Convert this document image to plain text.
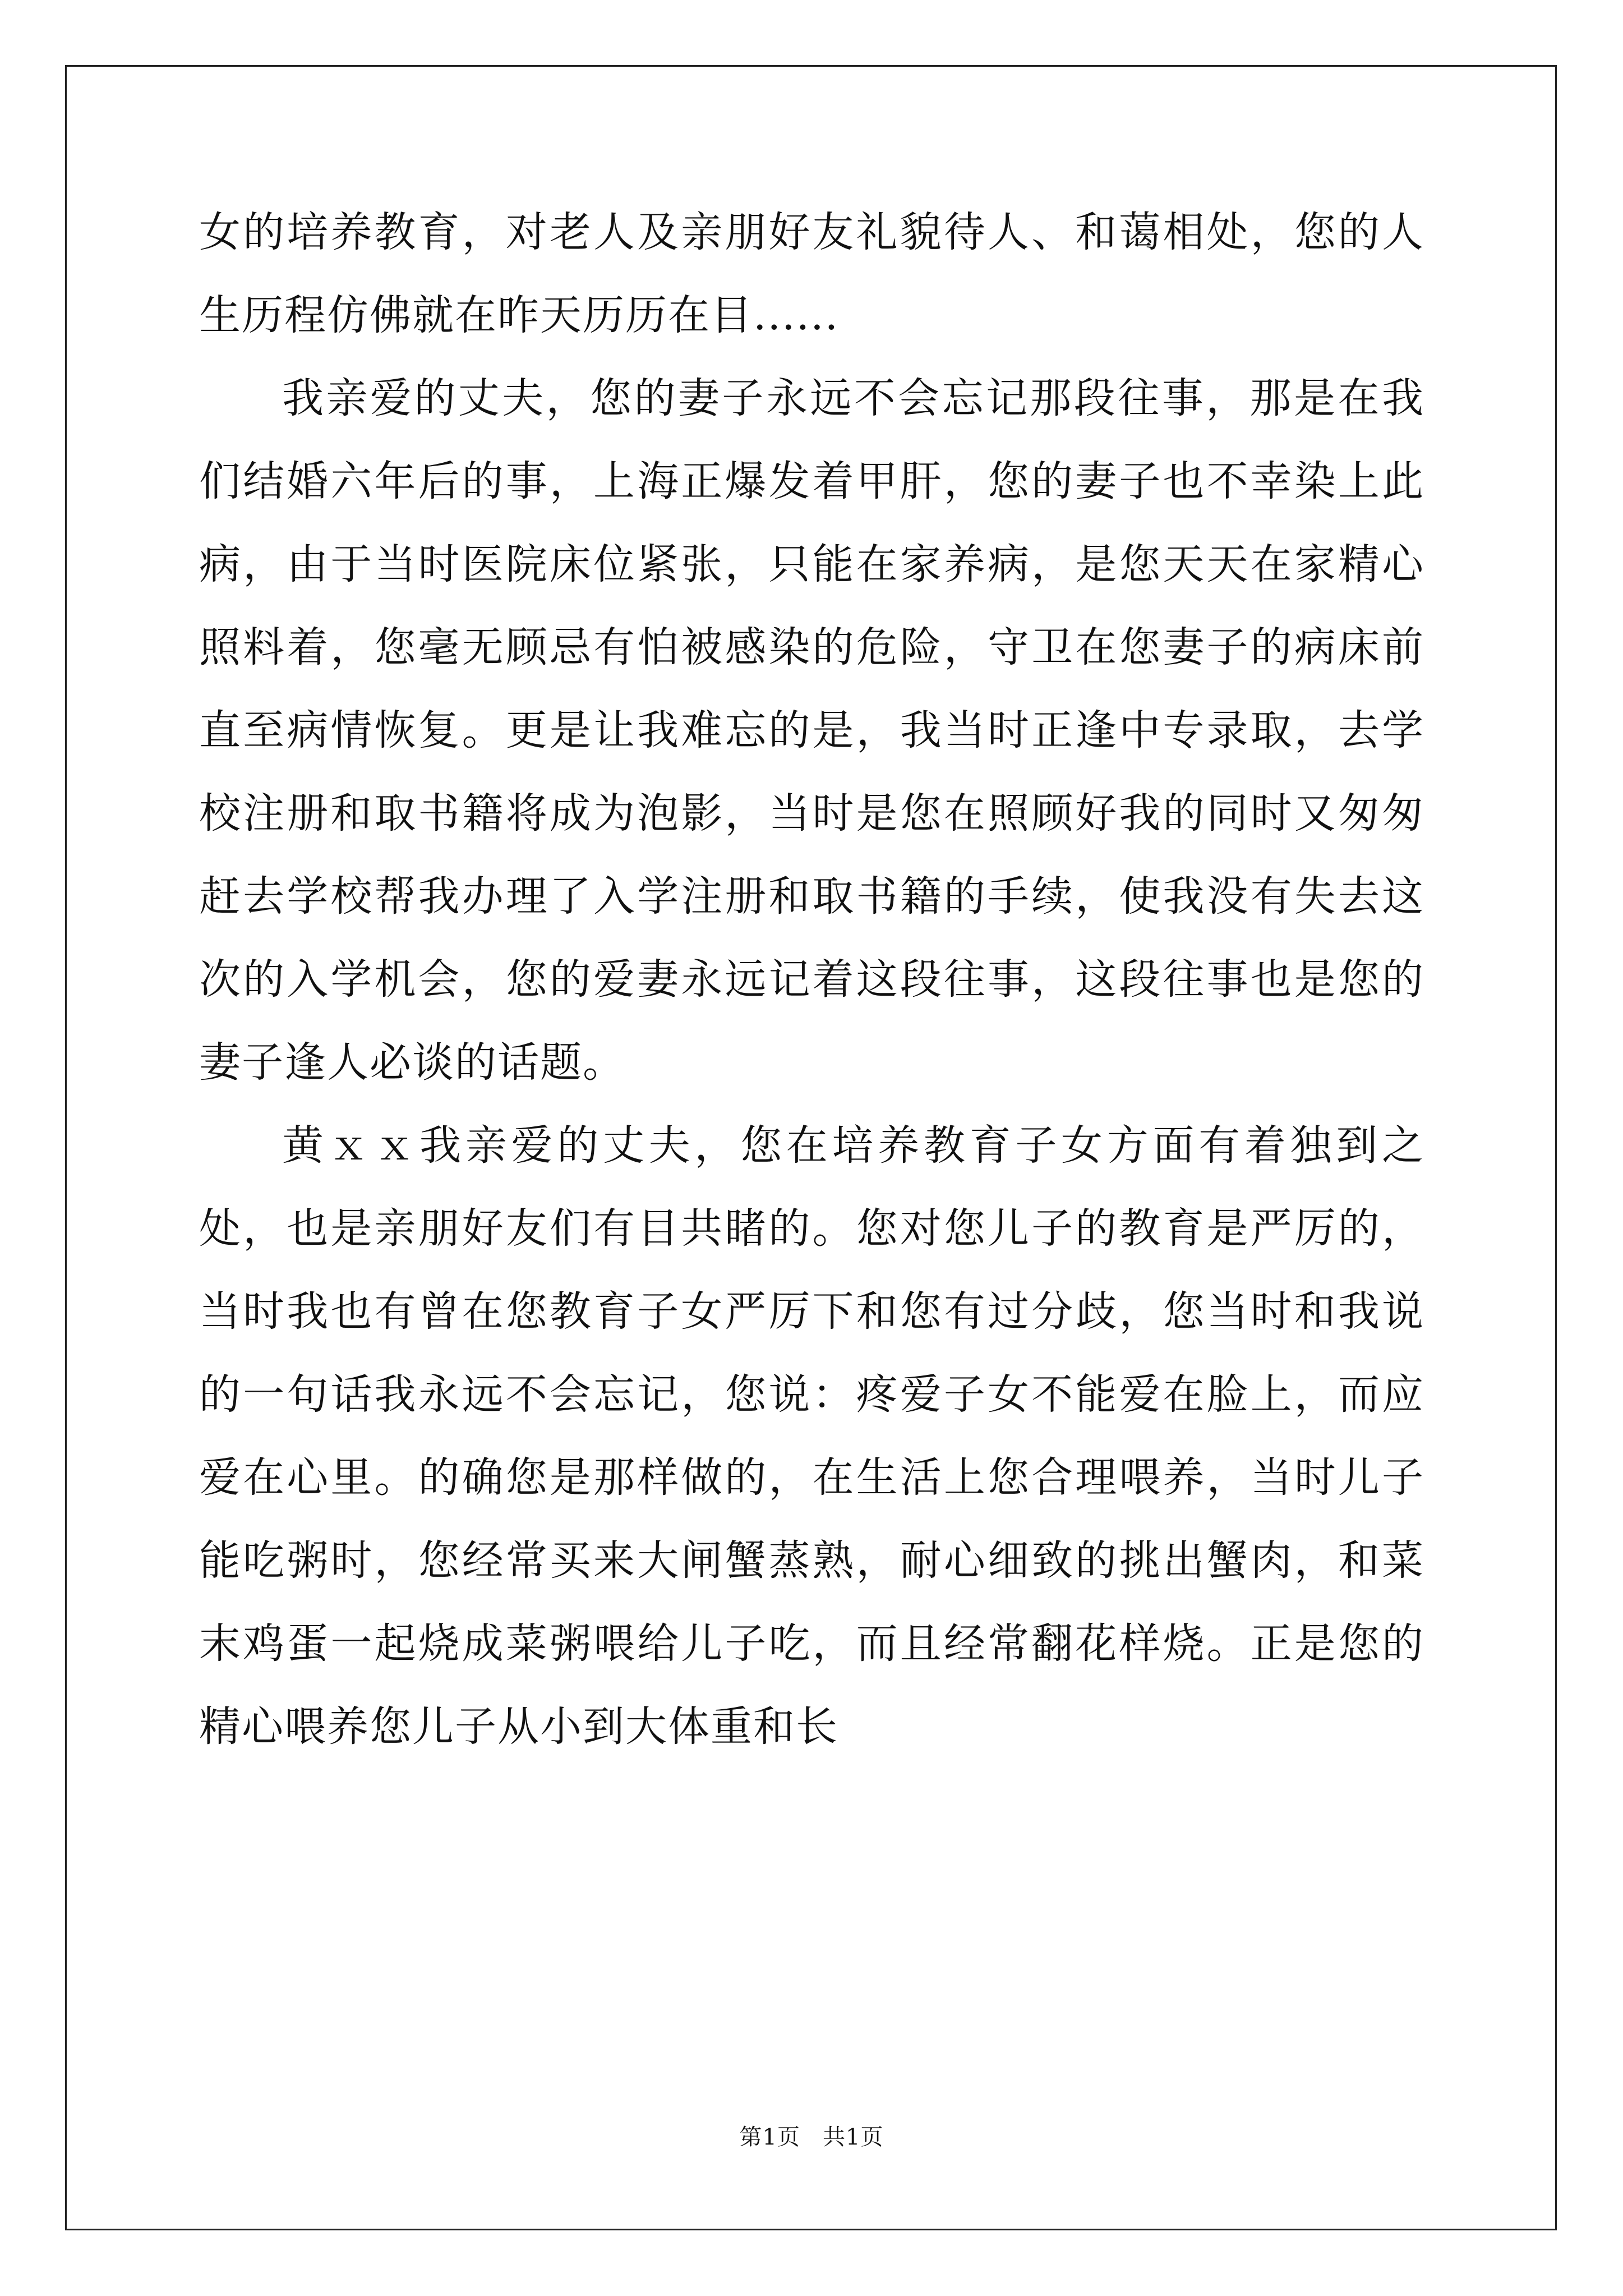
女的培养教育，对老人及亲朋好友礼貌待人、和蔼相处，您的人生历程仿佛就在昨天历历在目......

我亲爱的丈夫，您的妻子永远不会忘记那段往事，那是在我们结婚六年后的事，上海正爆发着甲肝，您的妻子也不幸染上此病，由于当时医院床位紧张，只能在家养病，是您天天在家精心照料着，您毫无顾忌有怕被感染的危险，守卫在您妻子的病床前直至病情恢复。更是让我难忘的是，我当时正逢中专录取，去学校注册和取书籍将成为泡影，当时是您在照顾好我的同时又匆匆赶去学校帮我办理了入学注册和取书籍的手续，使我没有失去这次的入学机会，您的爱妻永远记着这段往事，这段往事也是您的妻子逢人必谈的话题。

黄ｘｘ我亲爱的丈夫，您在培养教育子女方面有着独到之处，也是亲朋好友们有目共睹的。您对您儿子的教育是严厉的，当时我也有曾在您教育子女严厉下和您有过分歧，您当时和我说的一句话我永远不会忘记，您说：疼爱子女不能爱在脸上，而应爱在心里。的确您是那样做的，在生活上您合理喂养，当时儿子能吃粥时，您经常买来大闸蟹蒸熟，耐心细致的挑出蟹肉，和菜末鸡蛋一起烧成菜粥喂给儿子吃，而且经常翻花样烧。正是您的精心喂养您儿子从小到大体重和长

第1页 共1页
